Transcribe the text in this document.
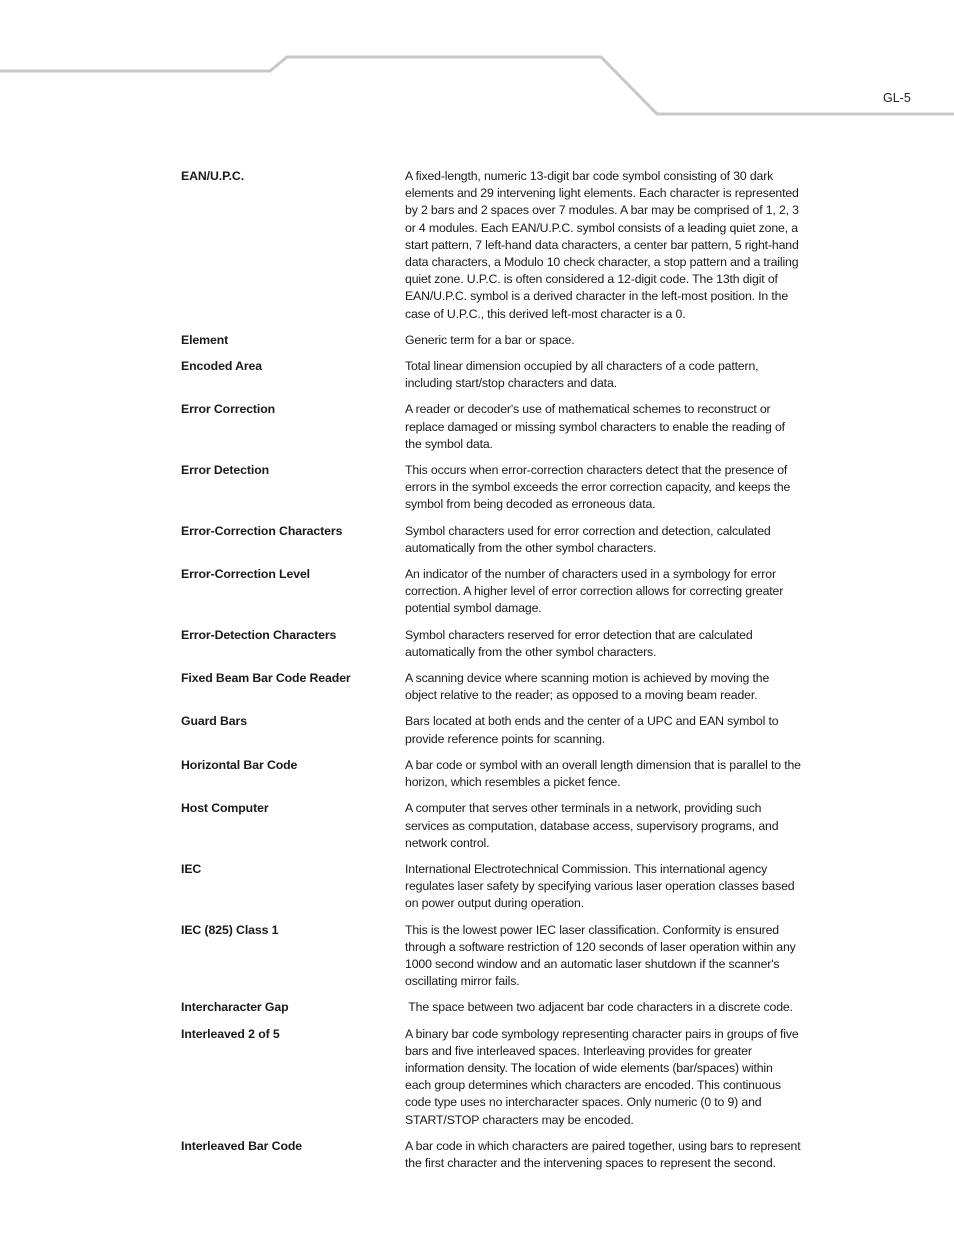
GL-5
EAN/U.P.C.	A fixed-length, numeric 13-digit bar code symbol consisting of 30 dark elements and 29 intervening light elements. Each character is represented by 2 bars and 2 spaces over 7 modules. A bar may be comprised of 1, 2, 3 or 4 modules. Each EAN/U.P.C. symbol consists of a leading quiet zone, a start pattern, 7 left-hand data characters, a center bar pattern, 5 right-hand data characters, a Modulo 10 check character, a stop pattern and a trailing quiet zone. U.P.C. is often considered a 12-digit code. The 13th digit of EAN/U.P.C. symbol is a derived character in the left-most position. In the case of U.P.C., this derived left-most character is a 0.
Element	Generic term for a bar or space.
Encoded Area	Total linear dimension occupied by all characters of a code pattern, including start/stop characters and data.
Error Correction	A reader or decoder's use of mathematical schemes to reconstruct or replace damaged or missing symbol characters to enable the reading of the symbol data.
Error Detection	This occurs when error-correction characters detect that the presence of errors in the symbol exceeds the error correction capacity, and keeps the symbol from being decoded as erroneous data.
Error-Correction Characters	Symbol characters used for error correction and detection, calculated automatically from the other symbol characters.
Error-Correction Level	An indicator of the number of characters used in a symbology for error correction. A higher level of error correction allows for correcting greater potential symbol damage.
Error-Detection Characters	Symbol characters reserved for error detection that are calculated automatically from the other symbol characters.
Fixed Beam Bar Code Reader	A scanning device where scanning motion is achieved by moving the object relative to the reader; as opposed to a moving beam reader.
Guard Bars	Bars located at both ends and the center of a UPC and EAN symbol to provide reference points for scanning.
Horizontal Bar Code	A bar code or symbol with an overall length dimension that is parallel to the horizon, which resembles a picket fence.
Host Computer	A computer that serves other terminals in a network, providing such services as computation, database access, supervisory programs, and network control.
IEC	International Electrotechnical Commission. This international agency regulates laser safety by specifying various laser operation classes based on power output during operation.
IEC (825) Class 1	This is the lowest power IEC laser classification. Conformity is ensured through a software restriction of 120 seconds of laser operation within any 1000 second window and an automatic laser shutdown if the scanner's oscillating mirror fails.
Intercharacter Gap	The space between two adjacent bar code characters in a discrete code.
Interleaved 2 of 5	A binary bar code symbology representing character pairs in groups of five bars and five interleaved spaces. Interleaving provides for greater information density. The location of wide elements (bar/spaces) within each group determines which characters are encoded. This continuous code type uses no intercharacter spaces. Only numeric (0 to 9) and START/STOP characters may be encoded.
Interleaved Bar Code	A bar code in which characters are paired together, using bars to represent the first character and the intervening spaces to represent the second.
